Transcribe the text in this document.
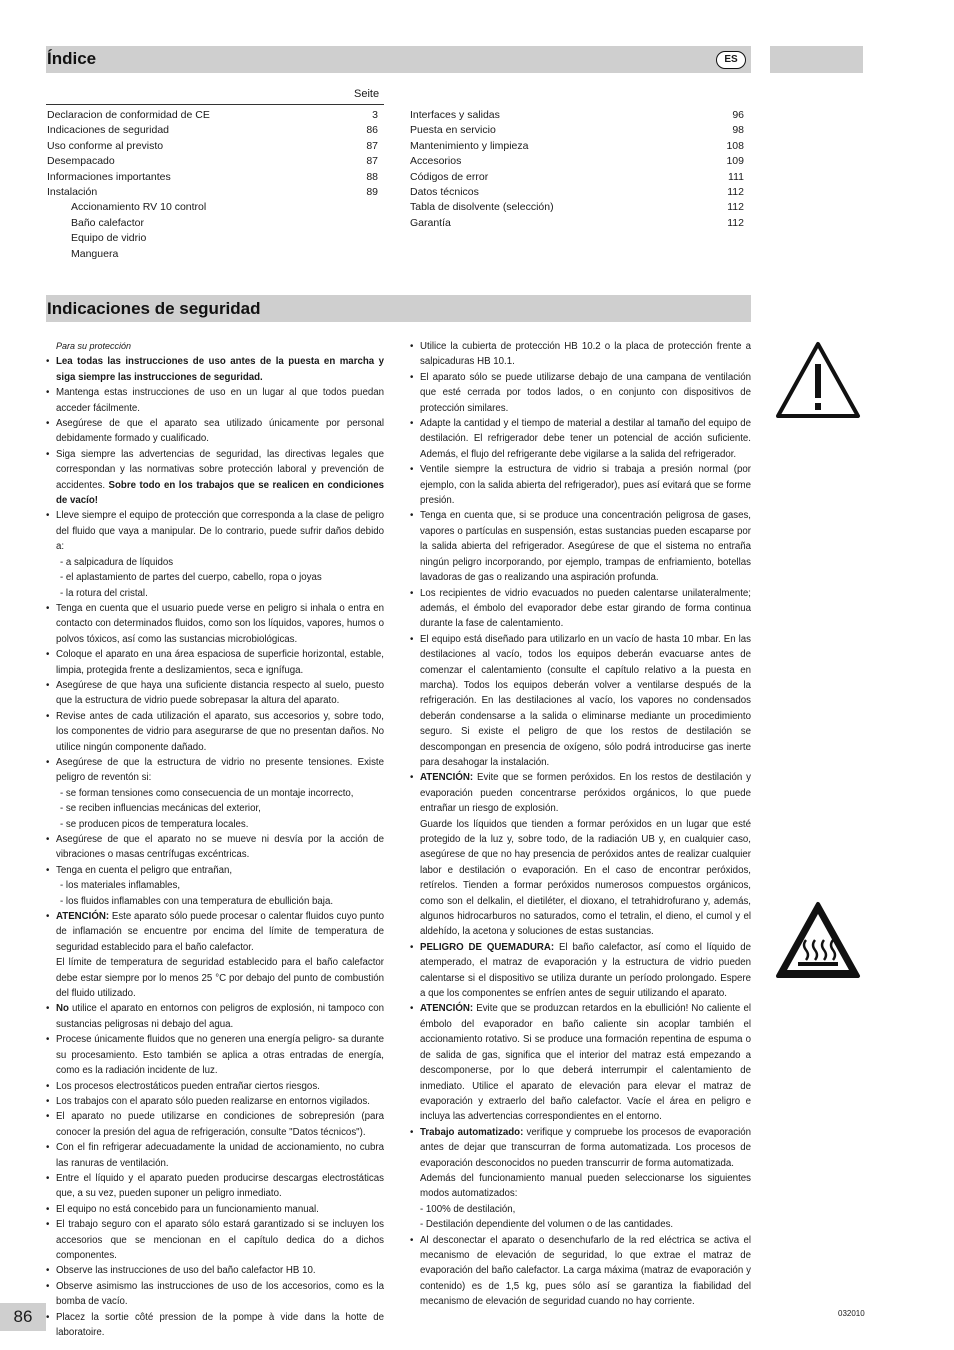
Índice	ES
Seite
Declaracion de conformidad de CE	3
Indicaciones de seguridad	86
Uso conforme al previsto	87
Desempacado	87
Informaciones importantes	88
Instalación	89
Accionamiento RV 10 control
Baño calefactor
Equipo de vidrio
Manguera
Interfaces y salidas	96
Puesta en servicio	98
Mantenimiento y limpieza	108
Accesorios	109
Códigos de error	111
Datos técnicos	112
Tabla de disolvente (selección)	112
Garantía	112
Indicaciones de seguridad

Para su protección

• Lea todas las instrucciones de uso antes de la puesta en marcha y siga siempre las instrucciones de seguridad.

• Mantenga estas instrucciones de uso en un lugar al que todos puedan acceder fácilmente.

• Asegúrese de que el aparato sea utilizado únicamente por personal debidamente formado y cualificado.

• Siga siempre las advertencias de seguridad, las directivas legales que correspondan y las normativas sobre protección laboral y prevención de accidentes. Sobre todo en los trabajos que se realicen en condiciones de vacío!

• Lleve siempre el equipo de protección que corresponda a la clase de peligro del fluido que vaya a manipular. De lo contrario, puede sufrir daños debido a:

- a salpicadura de líquidos

- el aplastamiento de partes del cuerpo, cabello, ropa o joyas

- la rotura del cristal.

• Tenga en cuenta que el usuario puede verse en peligro si inhala o entra en contacto con determinados fluidos, como son los líquidos, vapores, humos o polvos tóxicos, así como las sustancias microbiológicas.

• Coloque el aparato en una área espaciosa de superficie horizontal, estable, limpia, protegida frente a deslizamientos, seca e ignífuga.

• Asegúrese de que haya una suficiente distancia respecto al suelo, puesto que la estructura de vidrio puede sobrepasar la altura del aparato.

• Revise antes de cada utilización el aparato, sus accesorios y, sobre todo, los componentes de vidrio para asegurarse de que no presentan daños. No utilice ningún componente dañado.

• Asegúrese de que la estructura de vidrio no presente tensiones. Existe peligro de reventón si:

- se forman tensiones como consecuencia de un montaje incorrecto,

- se reciben influencias mecánicas del exterior,

- se producen picos de temperatura locales.

• Asegúrese de que el aparato no se mueve ni desvía por la acción de vibraciones o masas centrífugas excéntricas.

• Tenga en cuenta el peligro que entrañan,

- los materiales inflamables,

- los fluidos inflamables con una temperatura de ebullición baja.

• ATENCIÓN: Este aparato sólo puede procesar o calentar fluidos cuyo punto de inflamación se encuentre por encima del límite de temperatura de seguridad establecido para el baño calefactor.

El límite de temperatura de seguridad establecido para el baño calefactor debe estar siempre por lo menos 25 °C por debajo del punto de combustión del fluido utilizado.

• No utilice el aparato en entornos con peligros de explosión, ni tampoco con sustancias peligrosas ni debajo del agua.

• Procese únicamente fluidos que no generen una energía peligro- sa durante su procesamiento. Esto también se aplica a otras entradas de energía, como es la radiación incidente de luz.

• Los procesos electrostáticos pueden entrañar ciertos riesgos.

• Los trabajos con el aparato sólo pueden realizarse en entornos vigilados.

• El aparato no puede utilizarse en condiciones de sobrepresión (para conocer la presión del agua de refrigeración, consulte "Datos técnicos").

• Con el fin refrigerar adecuadamente la unidad de accionamiento, no cubra las ranuras de ventilación.

• Entre el líquido y el aparato pueden producirse descargas electrostáticas que, a su vez, pueden suponer un peligro inmediato.

• El equipo no está concebido para un funcionamiento manual.

• El trabajo seguro con el aparato sólo estará garantizado si se incluyen los accesorios que se mencionan en el capítulo dedica do a dichos componentes.

• Observe las instrucciones de uso del baño calefactor HB 10.

• Observe asimismo las instrucciones de uso de los accesorios, como es la bomba de vacío.

• Placez la sortie côté pression de la pompe à vide dans la hotte de laboratoire.

• Utilice la cubierta de protección HB 10.2 o la placa de protección frente a salpicaduras HB 10.1.

• El aparato sólo se puede utilizarse debajo de una campana de ventilación que esté cerrada por todos lados, o en conjunto con dispositivos de protección similares.

• Adapte la cantidad y el tiempo de material a destilar al tamaño del equipo de destilación. El refrigerador debe tener un potencial de acción suficiente. Además, el flujo del refrigerante debe vigilarse a la salida del refrigerador.

• Ventile siempre la estructura de vidrio si trabaja a presión normal (por ejemplo, con la salida abierta del refrigerador), pues así evitará que se forme presión.

• Tenga en cuenta que, si se produce una concentración peligrosa de gases, vapores o partículas en suspensión, estas sustancias pueden escaparse por la salida abierta del refrigerador. Asegúrese de que el sistema no entraña ningún peligro incorporando, por ejemplo, trampas de enfriamiento, botellas lavadoras de gas o realizando una aspiración profunda.

• Los recipientes de vidrio evacuados no pueden calentarse unilateralmente; además, el émbolo del evaporador debe estar girando de forma continua durante la fase de calentamiento.

• El equipo está diseñado para utilizarlo en un vacío de hasta 10 mbar. En las destilaciones al vacío, todos los equipos deberán evacuarse antes de comenzar el calentamiento (consulte el capítulo relativo a la puesta en marcha). Todos los equipos deberán volver a ventilarse después de la refrigeración. En las destilaciones al vacío, los vapores no condensados deberán condensarse a la salida o eliminarse mediante un procedimiento seguro. Si existe el peligro de que los restos de destilación se descompongan en presencia de oxígeno, sólo podrá introducirse gas inerte para desahogar la instalación.

• ATENCIÓN: Evite que se formen peróxidos. En los restos de destilación y evaporación pueden concentrarse peróxidos orgánicos, lo que puede entrañar un riesgo de explosión.

Guarde los líquidos que tienden a formar peróxidos en un lugar que esté protegido de la luz y, sobre todo, de la radiación UB y, en cualquier caso, asegúrese de que no hay presencia de peróxidos antes de realizar cualquier labor e destilación o evaporación. En el caso de encontrar peróxidos, retírelos. Tienden a formar peróxidos numerosos compuestos orgánicos, como son el delkalin, el dietiléter, el dioxano, el tetrahidrofurano y, además, algunos hidrocarburos no saturados, como el tetralin, el dieno, el cumol y el aldehído, la acetona y soluciones de estas sustancias.

• PELIGRO DE QUEMADURA: El baño calefactor, así como el líquido de atemperado, el matraz de evaporación y la estructura de vidrio pueden calentarse si el dispositivo se utiliza durante un período prolongado. Espere a que los componentes se enfríen antes de seguir utilizando el aparato.

• ATENCIÓN: Evite que se produzcan retardos en la ebullición! No caliente el émbolo del evaporador en baño caliente sin acoplar también el accionamiento rotativo. Si se produce una formación repentina de espuma o de salida de gas, significa que el interior del matraz está empezando a descomponerse, por lo que deberá interrumpir el calentamiento de inmediato. Utilice el aparato de elevación para elevar el matraz de evaporación y extraerlo del baño calefactor. Vacíe el área en peligro e incluya las advertencias correspondientes en el entorno.

• Trabajo automatizado: verifique y compruebe los procesos de evaporación antes de dejar que transcurran de forma automatizada. Los procesos de evaporación desconocidos no pueden transcurrir de forma automatizada.

Además del funcionamiento manual pueden seleccionarse los siguientes modos automatizados:

- 100% de destilación,

- Destilación dependiente del volumen o de las cantidades.

• Al desconectar el aparato o desenchufarlo de la red eléctrica se activa el mecanismo de elevación de seguridad, lo que extrae el matraz de evaporación del baño calefactor. La carga máxima (matraz de evaporación y contenido) es de 1,5 kg, pues sólo así se garantiza la fiabilidad del mecanismo de elevación de seguridad cuando no hay corriente.

86	032010
